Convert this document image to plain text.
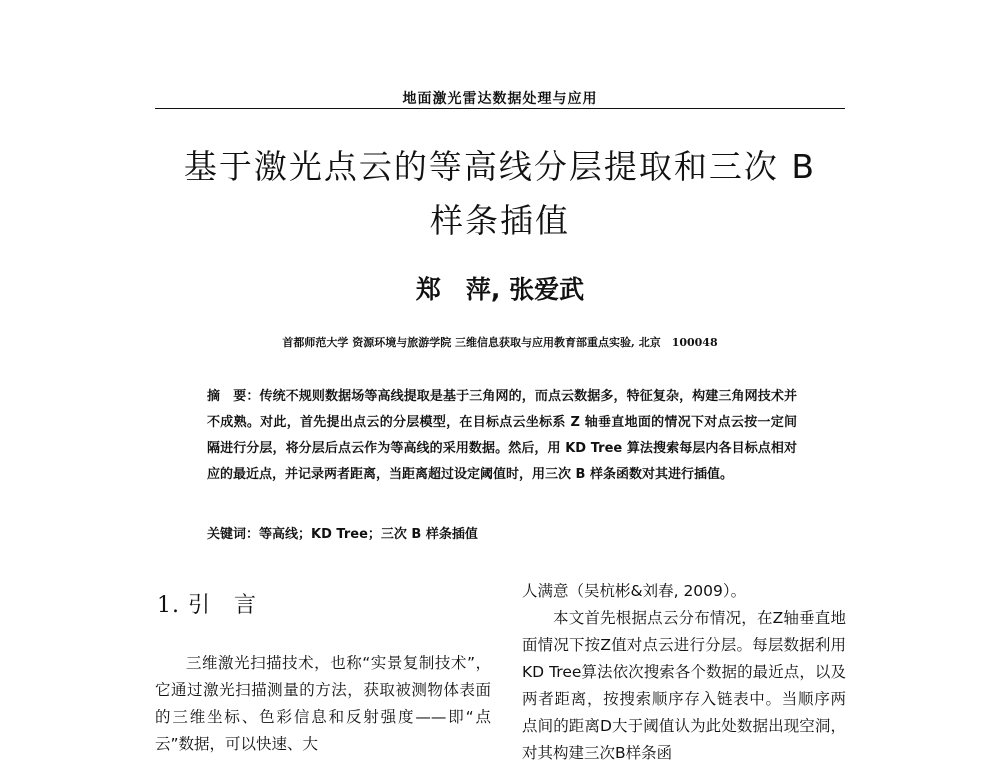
地面激光雷达数据处理与应用
基于激光点云的等高线分层提取和三次 B
样条插值
郑　萍, 张爱武
首都师范大学 资源环境与旅游学院 三维信息获取与应用教育部重点实验, 北京　100048
摘　要：传统不规则数据场等高线提取是基于三角网的，而点云数据多，特征复杂，构建三角网技术并不成熟。对此，首先提出点云的分层模型，在目标点云坐标系 Z 轴垂直地面的情况下对点云按一定间隔进行分层，将分层后点云作为等高线的采用数据。然后，用 KD Tree 算法搜索每层内各目标点相对应的最近点，并记录两者距离，当距离超过设定阈值时，用三次 B 样条函数对其进行插值。
关键词：等高线；KD Tree；三次 B 样条插值
1. 引　言

三维激光扫描技术，也称“实景复制技术”，它通过激光扫描测量的方法，获取被测物体表面的三维坐标、色彩信息和反射强度——即“点云”数据，可以快速、大

人满意（吴杭彬&刘春, 2009）。

本文首先根据点云分布情况，在Z轴垂直地面情况下按Z值对点云进行分层。每层数据利用KD Tree算法依次搜索各个数据的最近点，以及两者距离，按搜索顺序存入链表中。当顺序两点间的距离D大于阈值认为此处数据出现空洞，对其构建三次B样条函
